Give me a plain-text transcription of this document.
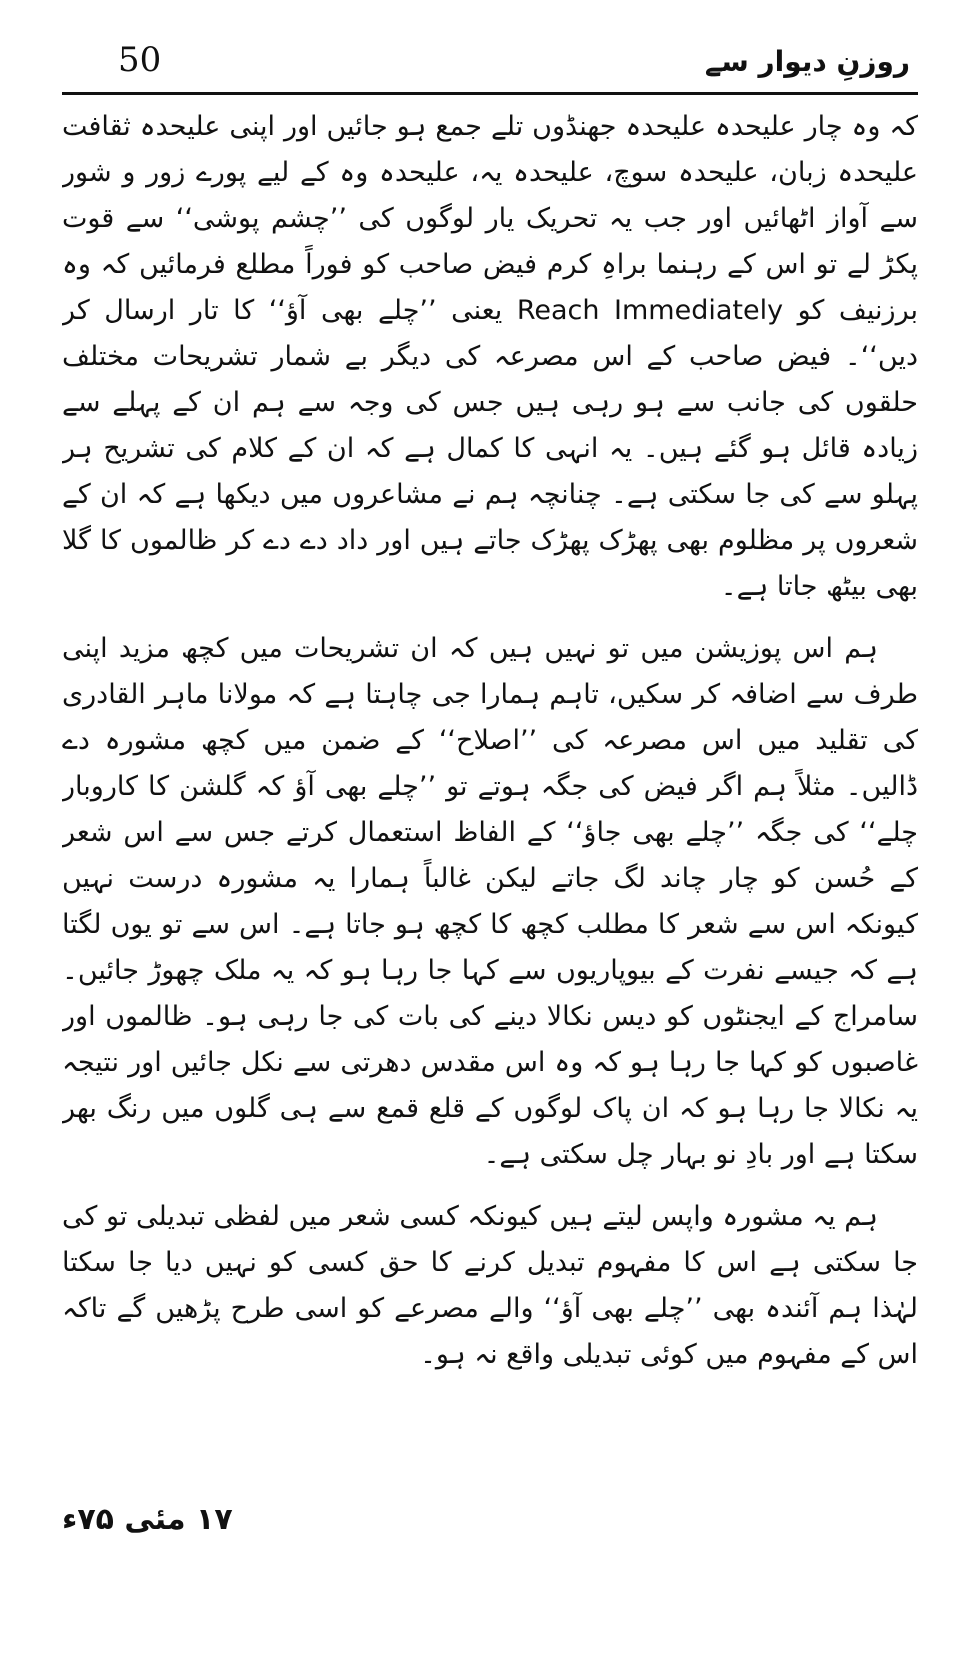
50	روزنِ دیوار سے

کہ وہ چار علیحدہ علیحدہ جھنڈوں تلے جمع ہو جائیں اور اپنی علیحدہ ثقافت علیحدہ زبان، علیحدہ سوچ، علیحدہ یہ، علیحدہ وہ کے لیے پورے زور و شور سے آواز اٹھائیں اور جب یہ تحریک یار لوگوں کی ’’چشم پوشی‘‘ سے قوت پکڑ لے تو اس کے رہنما براہِ کرم فیض صاحب کو فوراً مطلع فرمائیں کہ وہ برزنیف کو Reach Immediately یعنی ’’چلے بھی آؤ‘‘ کا تار ارسال کر دیں‘‘۔ فیض صاحب کے اس مصرعہ کی دیگر بے شمار تشریحات مختلف حلقوں کی جانب سے ہو رہی ہیں جس کی وجہ سے ہم ان کے پہلے سے زیادہ قائل ہو گئے ہیں۔ یہ انہی کا کمال ہے کہ ان کے کلام کی تشریح ہر پہلو سے کی جا سکتی ہے۔ چنانچہ ہم نے مشاعروں میں دیکھا ہے کہ ان کے شعروں پر مظلوم بھی پھڑک پھڑک جاتے ہیں اور داد دے دے کر ظالموں کا گلا بھی بیٹھ جاتا ہے۔

ہم اس پوزیشن میں تو نہیں ہیں کہ ان تشریحات میں کچھ مزید اپنی طرف سے اضافہ کر سکیں، تاہم ہمارا جی چاہتا ہے کہ مولانا ماہر القادری کی تقلید میں اس مصرعہ کی ’’اصلاح‘‘ کے ضمن میں کچھ مشورہ دے ڈالیں۔ مثلاً ہم اگر فیض کی جگہ ہوتے تو ’’چلے بھی آؤ کہ گلشن کا کاروبار چلے‘‘ کی جگہ ’’چلے بھی جاؤ‘‘ کے الفاظ استعمال کرتے جس سے اس شعر کے حُسن کو چار چاند لگ جاتے لیکن غالباً ہمارا یہ مشورہ درست نہیں کیونکہ اس سے شعر کا مطلب کچھ کا کچھ ہو جاتا ہے۔ اس سے تو یوں لگتا ہے کہ جیسے نفرت کے بیوپاریوں سے کہا جا رہا ہو کہ یہ ملک چھوڑ جائیں۔ سامراج کے ایجنٹوں کو دیس نکالا دینے کی بات کی جا رہی ہو۔ ظالموں اور غاصبوں کو کہا جا رہا ہو کہ وہ اس مقدس دھرتی سے نکل جائیں اور نتیجہ یہ نکالا جا رہا ہو کہ ان پاک لوگوں کے قلع قمع سے ہی گلوں میں رنگ بھر سکتا ہے اور بادِ نو بہار چل سکتی ہے۔

ہم یہ مشورہ واپس لیتے ہیں کیونکہ کسی شعر میں لفظی تبدیلی تو کی جا سکتی ہے اس کا مفہوم تبدیل کرنے کا حق کسی کو نہیں دیا جا سکتا لہٰذا ہم آئندہ بھی ’’چلے بھی آؤ‘‘ والے مصرعے کو اسی طرح پڑھیں گے تاکہ اس کے مفہوم میں کوئی تبدیلی واقع نہ ہو۔

۱۷ مئی ۷۵ء
